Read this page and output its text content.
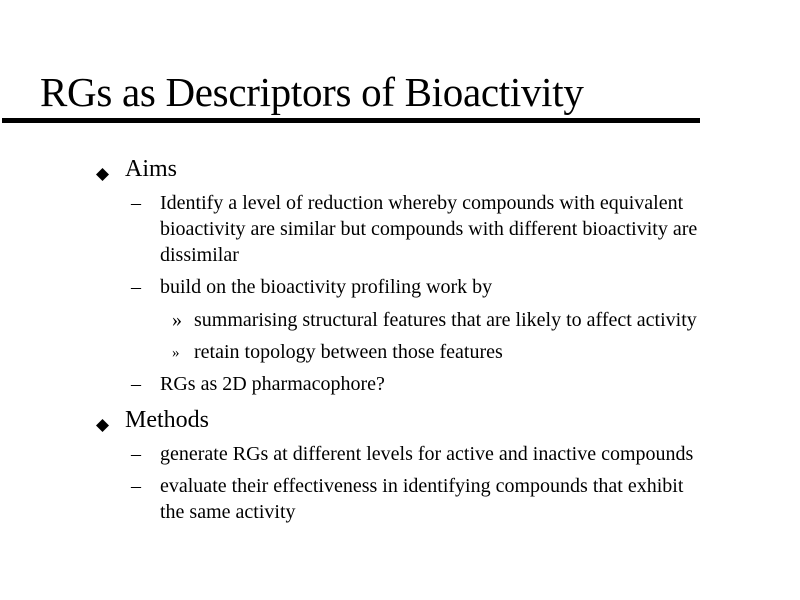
RGs as Descriptors of Bioactivity
Aims
– Identify a level of reduction whereby compounds with equivalent
bioactivity are similar but compounds with different bioactivity are
dissimilar
– build on the bioactivity profiling work by
» summarising structural features that are likely to affect activity
» retain topology between those features
– RGs as 2D pharmacophore?
Methods
– generate RGs at different levels for active and inactive compounds
– evaluate their effectiveness in identifying compounds that exhibit
the same activity
